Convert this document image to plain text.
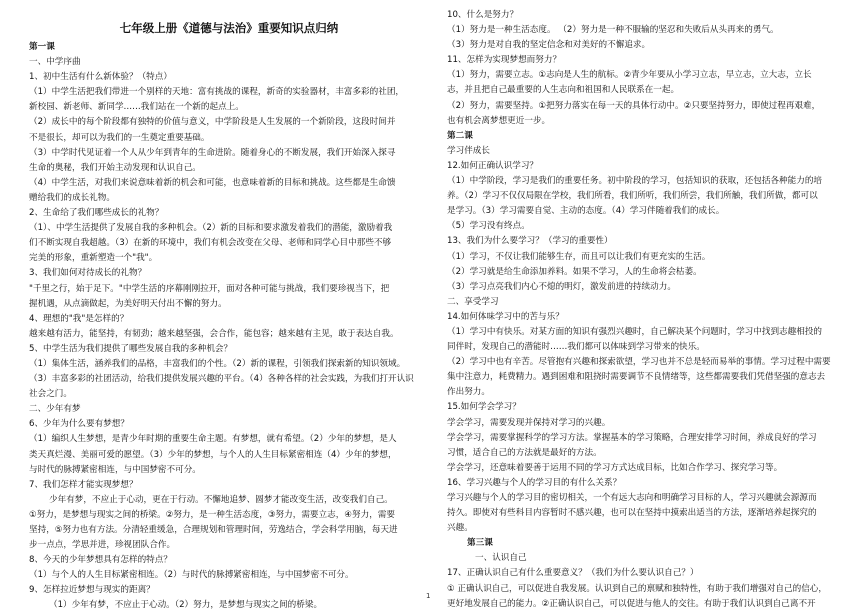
七年级上册《道德与法治》重要知识点归纳
第一课
一、中学序曲
1、初中生活有什么新体验？（特点）
（1）中学生活把我们带进一个别样的天地：富有挑战的课程，新奇的实验器材，丰富多彩的社团，
新校园、新老师、新同学……我们站在一个新的起点上。
（2）成长中的每个阶段都有独特的价值与意义，中学阶段是人生发展的一个新阶段，这段时间并
不是很长，却可以为我们的一生奠定重要基础。
（3）中学时代见证着一个人从少年到青年的生命进阶。随着身心的不断发展，我们开始深入探寻
生命的奥秘，我们开始主动发现和认识自己。
（4）中学生活，对我们来说意味着新的机会和可能，也意味着新的目标和挑战。这些都是生命馈
赠给我们的成长礼物。
2、生命给了我们哪些成长的礼物？
（1）、中学生活提供了发展自我的多种机会。（2）新的目标和要求激发着我们的潜能，激励着我
们不断实现自我超越。（3）在新的环境中，我们有机会改变在父母、老师和同学心目中那些不够
完美的形象，重新塑造一个"我"。
3、我们如何对待成长的礼物？
"千里之行，始于足下。"中学生活的序幕刚刚拉开，面对各种可能与挑战，我们要珍视当下，把
握机遇，从点滴做起，为美好明天付出不懈的努力。
4、理想的"我"是怎样的？
越来越有活力，能坚持，有韧劲；越来越坚强，会合作，能包容；越来越有主见，敢于表达自我。
5、中学生活为我们提供了哪些发展自我的多种机会？
（1）集体生活，涵养我们的品格，丰富我们的个性。（2）新的课程，引领我们探索新的知识领域。
（3）丰富多彩的社团活动，给我们提供发展兴趣的平台。（4）各种各样的社会实践，为我们打开认识
社会之门。
二、少年有梦
6、少年为什么要有梦想？
（1）编织人生梦想，是青少年时期的重要生命主题。有梦想，就有希望。（2）少年的梦想，是人
类天真烂漫、美丽可爱的愿望。（3）少年的梦想，与个人的人生目标紧密相连（4）少年的梦想，
与时代的脉搏紧密相连，与中国梦密不可分。
7、我们怎样才能实现梦想？
少年有梦，不应止于心动，更在于行动。不懈地追梦、圆梦才能改变生活，改变我们自己。
①努力，是梦想与现实之间的桥梁。②努力，是一种生活态度，③努力，需要立志，④努力，需要
坚持，⑤努力也有方法。分清轻重缓急，合理规划和管理时间，劳逸结合，学会科学用脑，每天进
步一点点，学思并进，珍视团队合作。
8、今天的少年梦想具有怎样的特点？
（1）与个人的人生目标紧密相连。（2）与时代的脉搏紧密相连，与中国梦密不可分。
9、怎样拉近梦想与现实的距离？
（1）少年有梦，不应止于心动。（2）努力，是梦想与现实之间的桥梁。
10、什么是努力？
（1）努力是一种生活态度。 （2）努力是一种不服输的坚忍和失败后从头再来的勇气。
（3）努力是对自我的坚定信念和对美好的不懈追求。
11、怎样为实现梦想而努力？
（1）努力，需要立志。①志向是人生的航标。②青少年要从小学习立志，早立志，立大志，立长
志，并且把自己最重要的人生志向和祖国和人民联系在一起。
（2）努力，需要坚持。①把努力落实在每一天的具体行动中。②只要坚持努力，即使过程再艰难，
也有机会离梦想更近一步。
第二课
学习伴成长
12.如何正确认识学习？
（1）中学阶段，学习是我们的重要任务。初中阶段的学习，包括知识的获取，还包括各种能力的培
养。（2）学习不仅仅局限在学校，我们所看，我们所听，我们所尝，我们所触，我们所做，都可以
是学习。（3）学习需要自觉、主动的态度。（4）学习伴随着我们的成长。
（5）学习没有终点。
13、我们为什么要学习？（学习的重要性）
（1）学习，不仅让我们能够生存，而且可以让我们有更充实的生活。
（2）学习就是给生命添加养料。如果不学习，人的生命将会枯萎。
（3）学习点亮我们内心不熄的明灯，激发前进的持续动力。
二、享受学习
14.如何体味学习中的苦与乐？
（1）学习中有快乐。对某方面的知识有强烈兴趣时，自己解决某个问题时，学习中找到志趣相投的
同伴时，发现自己的潜能时……我们都可以体味到学习带来的快乐。
（2）学习中也有辛苦。尽管抱有兴趣和探索欲望，学习也并不总是轻而易举的事情。学习过程中需要
集中注意力，耗费精力。遇到困难和阻挠时需要调节不良情绪等，这些都需要我们凭借坚强的意志去
作出努力。
15.如何学会学习？
学会学习，需要发现并保持对学习的兴趣。
学会学习，需要掌握科学的学习方法。掌握基本的学习策略，合理安排学习时间，养成良好的学习
习惯，适合自己的方法就是最好的方法。
学会学习，还意味着要善于运用不同的学习方式达成目标，比如合作学习、探究学习等。
16、学习兴趣与个人的学习目的有什么关系？
学习兴趣与个人的学习目的密切相关，一个有远大志向和明确学习目标的人，学习兴趣就会源源而
持久。即使对有些科目内容暂时不感兴趣，也可以在坚持中摸索出适当的方法，逐渐培养起探究的
兴趣。
第三课
一、认识自己
17、正确认识自己有什么重要意义？（我们为什么要认识自己？）
① 正确认识自己，可以促进自我发展。认识到自己的禀赋和独特性，有助于我们增强对自己的信心，
更好地发展自己的能力。②正确认识自己，可以促进与他人的交往。有助于我们认识到自己离不开
1
